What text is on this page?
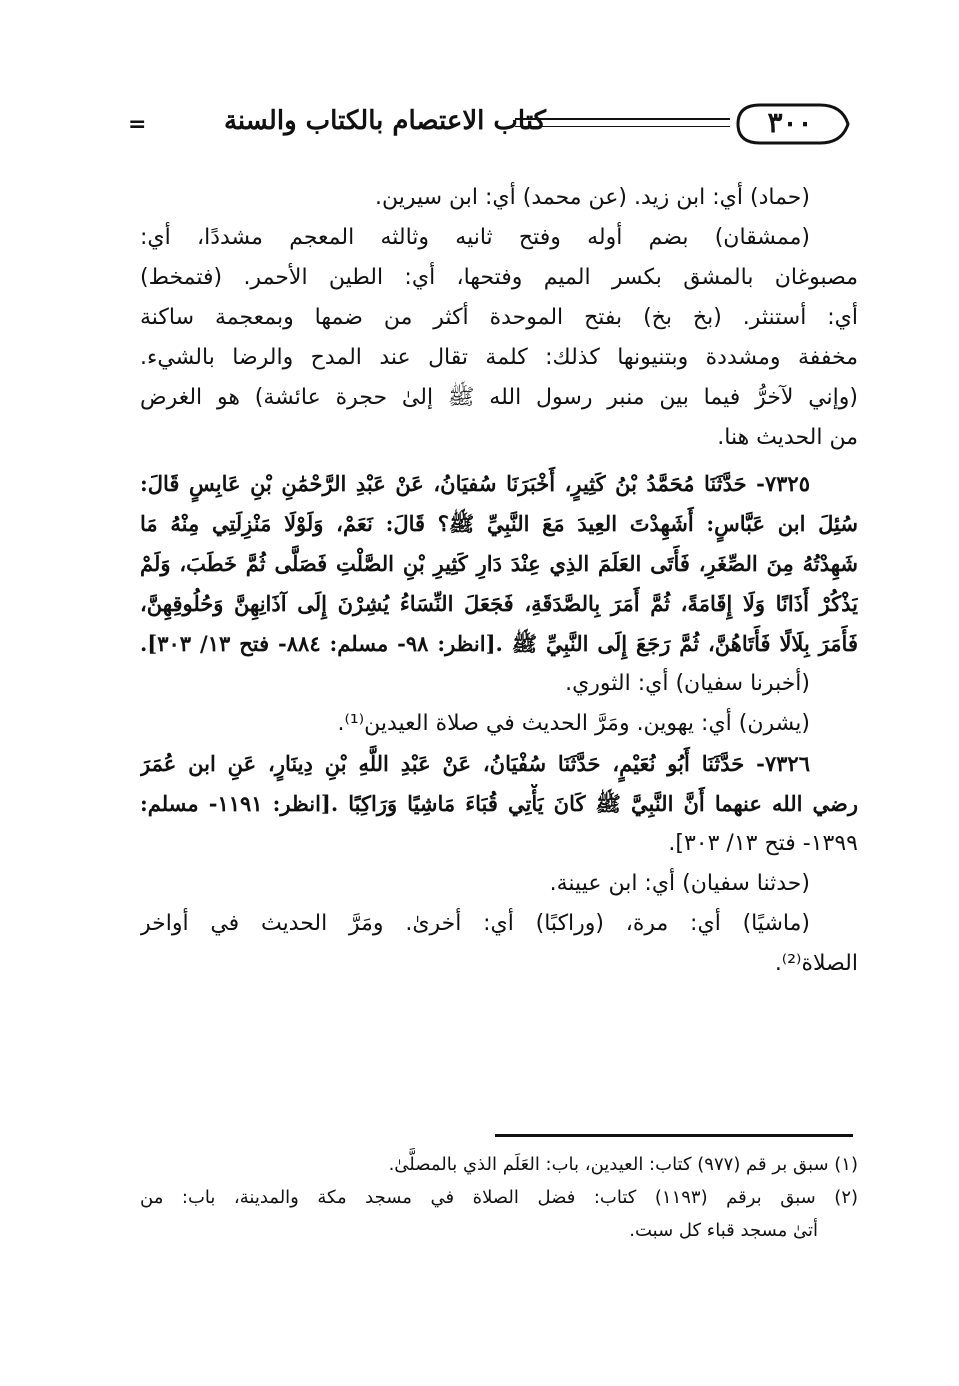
=	كتاب الاعتصام بالكتاب والسنة	٣٠٠
(حماد) أي: ابن زيد. (عن محمد) أي: ابن سيرين.
(ممشقان) بضم أوله وفتح ثانيه وثالثه المعجم مشددًا، أي:
مصبوغان بالمشق بكسر الميم وفتحها، أي: الطين الأحمر. (فتمخط)
أي: أستنثر. (بخ بخ) بفتح الموحدة أكثر من ضمها وبمعجمة ساكنة
مخففة ومشددة وبتنيونها كذلك: كلمة تقال عند المدح والرضا بالشيء.
(وإني لآخرُّ فيما بين منبر رسول الله ﷺ إلىٰ حجرة عائشة) هو الغرض
من الحديث هنا.
٧٣٢٥- حَدَّثَنَا مُحَمَّدُ بْنُ كَثِيرٍ، أَخْبَرَنَا سُفيَانُ، عَنْ عَبْدِ الرَّحْمَٰنِ بْنِ عَابِسٍ قَالَ:
سُئِلَ ابن عَبَّاسٍ: أَشَهِدْتَ العِيدَ مَعَ النَّبِيِّ ﷺ؟ قَالَ: نَعَمْ، وَلَوْلَا مَنْزِلَتِي مِنْهُ مَا
شَهِدْتُهُ مِنَ الصِّغَرِ، فَأَتَى العَلَمَ الذِي عِنْدَ دَارِ كَثِيرِ بْنِ الصَّلْتِ فَصَلَّى ثُمَّ خَطَبَ، وَلَمْ
يَذْكُرْ أَذَانًا وَلَا إِقَامَةً، ثُمَّ أَمَرَ بِالصَّدَقَةِ، فَجَعَلَ النِّسَاءُ يُشِرْنَ إِلَى آذَانِهِنَّ وَحُلُوقِهِنَّ،
فَأَمَرَ بِلَالًا فَأَتَاهُنَّ، ثُمَّ رَجَعَ إِلَى النَّبِيِّ ﷺ .[انظر: ٩٨- مسلم: ٨٨٤- فتح ١٣/ ٣٠٣].
(أخبرنا سفيان) أي: الثوري.
(يشرن) أي: يهوين. ومَرَّ الحديث في صلاة العيدين⁽¹⁾.
٧٣٢٦- حَدَّثَنَا أَبُو نُعَيْمٍ، حَدَّثَنَا سُفْيَانُ، عَنْ عَبْدِ اللَّهِ بْنِ دِينَارٍ، عَنِ ابن عُمَرَ
رضي الله عنهما أَنَّ النَّبِيَّ ﷺ كَانَ يَأْتِي قُبَاءَ مَاشِيًا وَرَاكِبًا .[انظر: ١١٩١- مسلم:
١٣٩٩- فتح ١٣/ ٣٠٣].
(حدثنا سفيان) أي: ابن عيينة.
(ماشيًا) أي: مرة، (وراكبًا) أي: أخرىٰ. ومَرَّ الحديث في أواخر
الصلاة⁽²⁾.
(١) سبق بر قم (٩٧٧) كتاب: العيدين، باب: العَلَم الذي بالمصلَّىٰ.
(٢) سبق برقم (١١٩٣) كتاب: فضل الصلاة في مسجد مكة والمدينة، باب: من
أتىٰ مسجد قباء كل سبت.
